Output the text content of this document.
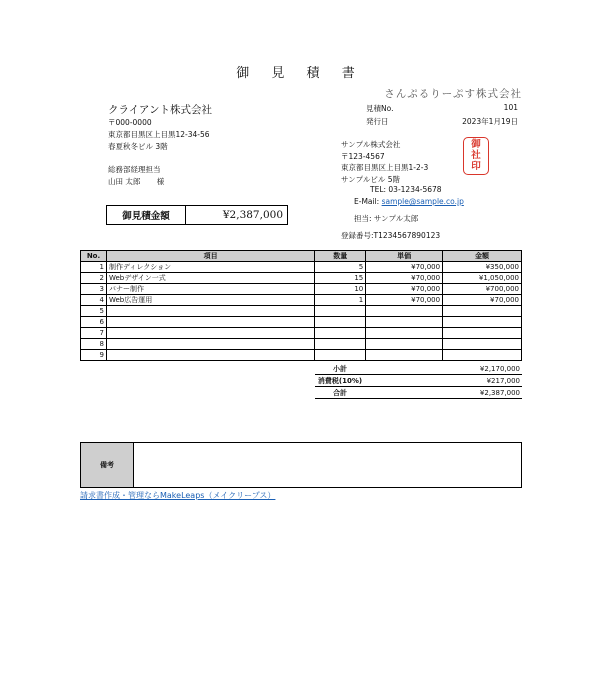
御 見 積 書
さんぷるりーぷす株式会社
クライアント株式会社
〒000-0000
東京都目黒区上目黒12-34-56
春夏秋冬ビル 3階
総務部経理担当
山田 太郎 様
見積No.	101
発行日	2023年1月19日
サンプル株式会社
〒123-4567
東京都目黒区上目黒1-2-3
サンプルビル 5階
TEL: 03-1234-5678
E-Mail: sample@sample.co.jp
担当: サンプル太郎
登録番号:T1234567890123
御
社
印
御見積金額	¥2,387,000
No.	項目	数量	単価	金額
1	制作ディレクション	5	¥70,000	¥350,000
2	Webデザイン一式	15	¥70,000	¥1,050,000
3	バナー制作	10	¥70,000	¥700,000
4	Web広告運用	1	¥70,000	¥70,000
5				
6				
7				
8				
9				
小計	¥2,170,000
消費税(10%)	¥217,000
合計	¥2,387,000
備考
請求書作成・管理ならMakeLeaps（メイクリープス）
